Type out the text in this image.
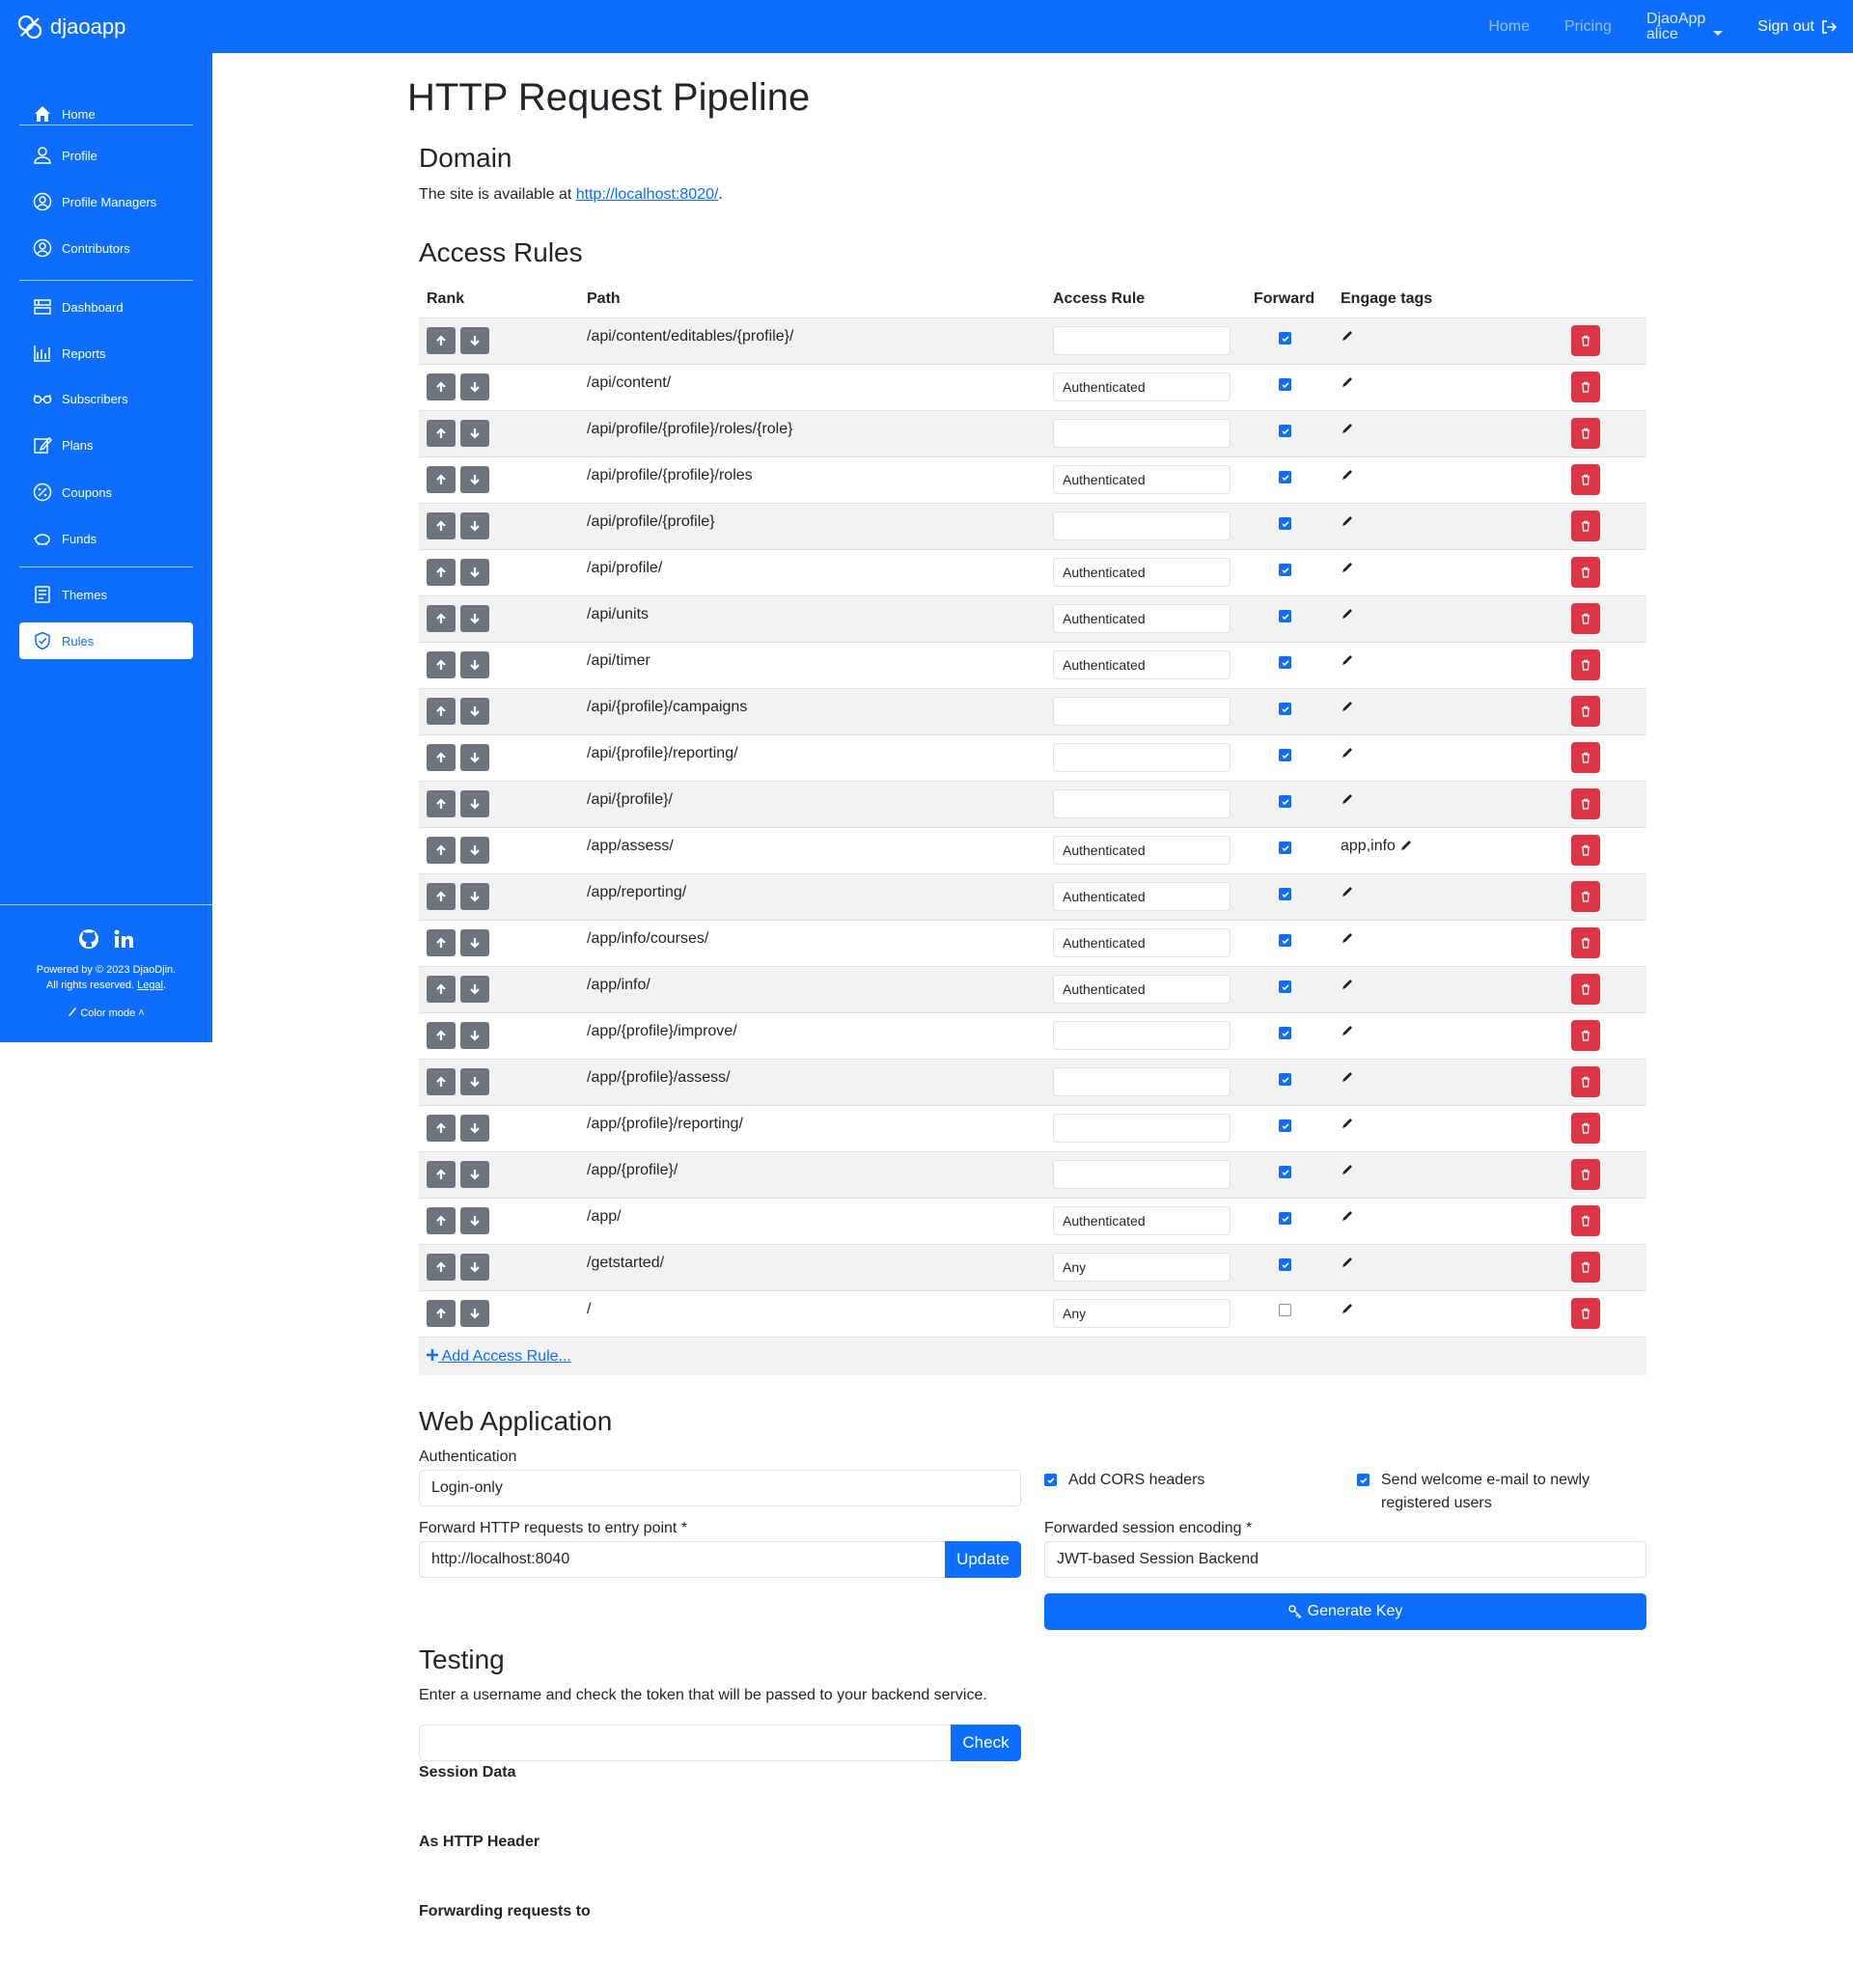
djaoapp	Home Pricing DjaoApp
alice	Sign out
Home
Profile
Profile Managers
Contributors
Dashboard
Reports
Subscribers
Plans
Coupons
Funds
Themes
Rules
Powered by © 2023 DjaoDjin.
All rights reserved. Legal.
Color mode ˄
HTTP Request Pipeline
Domain
The site is available at http://localhost:8020/.
Access Rules
Rank	Path	Access Rule	Forward	Engage tags	

	/api/content/editables/{profile}/	

	/api/content/	Authenticated

	/api/profile/{profile}/roles/{role}	

	/api/profile/{profile}/roles	Authenticated

	/api/profile/{profile}	

	/api/profile/	Authenticated

	/api/units	Authenticated

	/api/timer	Authenticated

	/api/{profile}/campaigns	

	/api/{profile}/reporting/	

	/api/{profile}/	

	/app/assess/	Authenticated		app,info	

	/app/reporting/	Authenticated

	/app/info/courses/	Authenticated

	/app/info/	Authenticated

	/app/{profile}/improve/	

	/app/{profile}/assess/	

	/app/{profile}/reporting/	

	/app/{profile}/	

	/app/	Authenticated

	/getstarted/	Any

	/	Any

Add Access Rule...
Web Application
Authentication
Login-only	Add CORS headers	Send welcome e-mail to newly registered users
Forward HTTP requests to entry point *
http://localhost:8040	Update
Forwarded session encoding *
JWT-based Session Backend
Generate Key
Testing
Enter a username and check the token that will be passed to your backend service.
Check
Session Data
As HTTP Header
Forwarding requests to
